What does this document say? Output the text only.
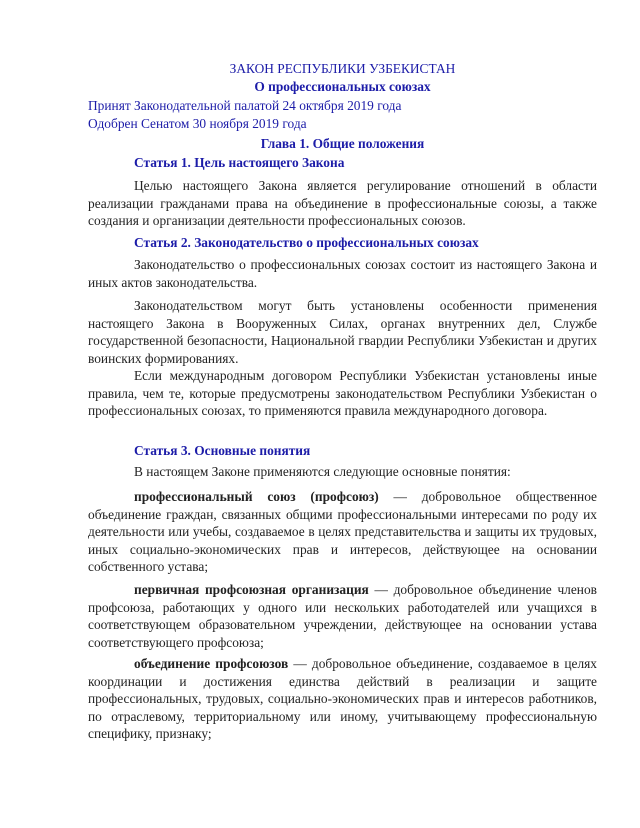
ЗАКОН РЕСПУБЛИКИ УЗБЕКИСТАН
О профессиональных союзах
Принят Законодательной палатой 24 октября 2019 года
Одобрен Сенатом 30 ноября 2019 года
Глава 1. Общие положения
Статья 1. Цель настоящего Закона
Целью настоящего Закона является регулирование отношений в области реализации гражданами права на объединение в профессиональные союзы, а также создания и организации деятельности профессиональных союзов.
Статья 2. Законодательство о профессиональных союзах
Законодательство о профессиональных союзах состоит из настоящего Закона и иных актов законодательства.
Законодательством могут быть установлены особенности применения настоящего Закона в Вооруженных Силах, органах внутренних дел, Службе государственной безопасности, Национальной гвардии Республики Узбекистан и других воинских формированиях.
Если международным договором Республики Узбекистан установлены иные правила, чем те, которые предусмотрены законодательством Республики Узбекистан о профессиональных союзах, то применяются правила международного договора.
Статья 3. Основные понятия
В настоящем Законе применяются следующие основные понятия:
профессиональный союз (профсоюз) — добровольное общественное объединение граждан, связанных общими профессиональными интересами по роду их деятельности или учебы, создаваемое в целях представительства и защиты их трудовых, иных социально-экономических прав и интересов, действующее на основании собственного устава;
первичная профсоюзная организация — добровольное объединение членов профсоюза, работающих у одного или нескольких работодателей или учащихся в соответствующем образовательном учреждении, действующее на основании устава соответствующего профсоюза;
объединение профсоюзов — добровольное объединение, создаваемое в целях координации и достижения единства действий в реализации и защите профессиональных, трудовых, социально-экономических прав и интересов работников, по отраслевому, территориальному или иному, учитывающему профессиональную специфику, признаку;
